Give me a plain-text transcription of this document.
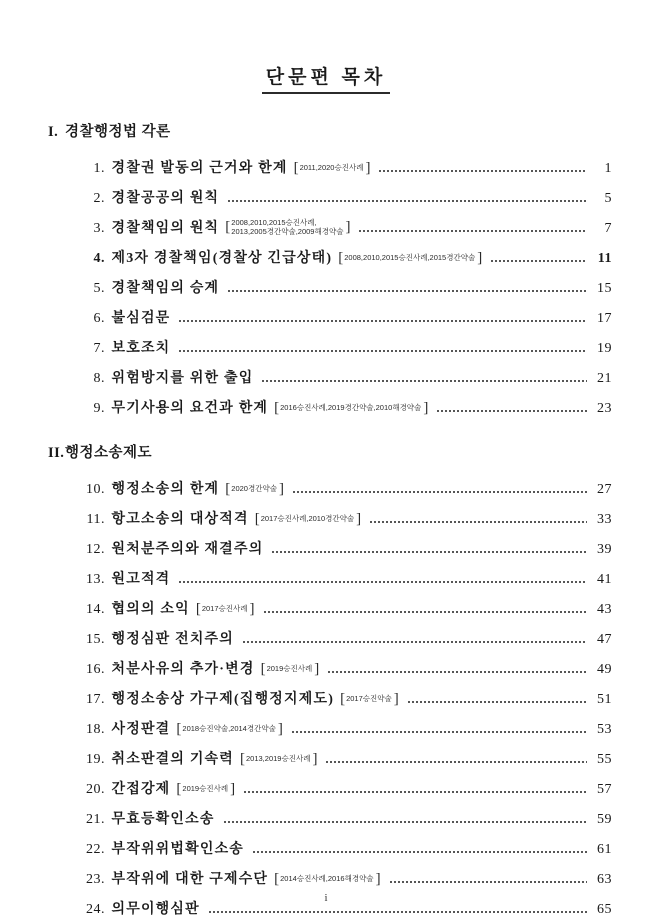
단문편 목차
I. 경찰행정법 각론
1 . 경찰권 발동의 근거와 한계 [ 2011,2020승진사례 ]	1
2 . 경찰공공의 원칙	5
3 . 경찰책임의 원칙 [ 2008,2010,2015승진사례,
2013,2005경간약술,2009해경약술 ]	7
4 . 제3자 경찰책임(경찰상 긴급상태) [ 2008,2010,2015승진사례,2015경간약술 ]	11
5 . 경찰책임의 승계	15
6 . 불심검문	17
7 . 보호조치	19
8 . 위험방지를 위한 출입	21
9 . 무기사용의 요건과 한계 [ 2016승진사례,2019경간약술,2010해경약술 ]	23
II.행정소송제도
10 . 행정소송의 한계 [ 2020경간약술 ]	27
11 . 항고소송의 대상적격 [ 2017승진사례,2010경간약술 ]	33
12 . 원처분주의와 재결주의	39
13 . 원고적격	41
14 . 협의의 소익 [ 2017승진사례 ]	43
15 . 행정심판 전치주의	47
16 . 처분사유의 추가·변경 [ 2019승진사례 ]	49
17 . 행정소송상 가구제(집행정지제도) [ 2017승진약술 ]	51
18 . 사정판결 [ 2018승진약술,2014경간약술 ]	53
19 . 취소판결의 기속력 [ 2013,2019승진사례 ]	55
20 . 간접강제 [ 2019승진사례 ]	57
21 . 무효등확인소송	59
22 . 부작위위법확인소송	61
23 . 부작위에 대한 구제수단 [ 2014승진사례,2016해경약술 ]	63
24 . 의무이행심판	65
i
